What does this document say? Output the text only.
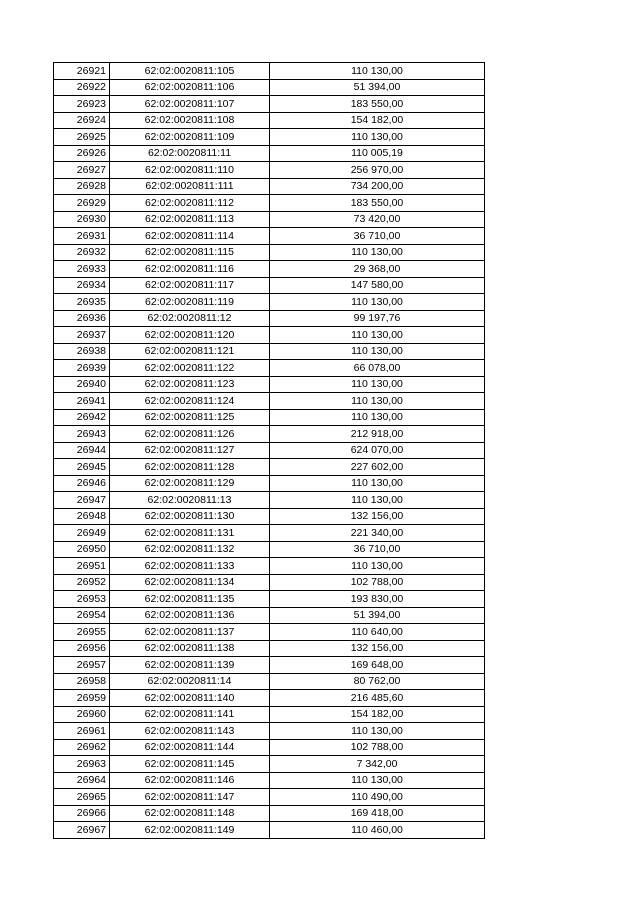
26921	62:02:0020811:105	110 130,00
26922	62:02:0020811:106	51 394,00
26923	62:02:0020811:107	183 550,00
26924	62:02:0020811:108	154 182,00
26925	62:02:0020811:109	110 130,00
26926	62:02:0020811:11	110 005,19
26927	62:02:0020811:110	256 970,00
26928	62:02:0020811:111	734 200,00
26929	62:02:0020811:112	183 550,00
26930	62:02:0020811:113	73 420,00
26931	62:02:0020811:114	36 710,00
26932	62:02:0020811:115	110 130,00
26933	62:02:0020811:116	29 368,00
26934	62:02:0020811:117	147 580,00
26935	62:02:0020811:119	110 130,00
26936	62:02:0020811:12	99 197,76
26937	62:02:0020811:120	110 130,00
26938	62:02:0020811:121	110 130,00
26939	62:02:0020811:122	66 078,00
26940	62:02:0020811:123	110 130,00
26941	62:02:0020811:124	110 130,00
26942	62:02:0020811:125	110 130,00
26943	62:02:0020811:126	212 918,00
26944	62:02:0020811:127	624 070,00
26945	62:02:0020811:128	227 602,00
26946	62:02:0020811:129	110 130,00
26947	62:02:0020811:13	110 130,00
26948	62:02:0020811:130	132 156,00
26949	62:02:0020811:131	221 340,00
26950	62:02:0020811:132	36 710,00
26951	62:02:0020811:133	110 130,00
26952	62:02:0020811:134	102 788,00
26953	62:02:0020811:135	193 830,00
26954	62:02:0020811:136	51 394,00
26955	62:02:0020811:137	110 640,00
26956	62:02:0020811:138	132 156,00
26957	62:02:0020811:139	169 648,00
26958	62:02:0020811:14	80 762,00
26959	62:02:0020811:140	216 485,60
26960	62:02:0020811:141	154 182,00
26961	62:02:0020811:143	110 130,00
26962	62:02:0020811:144	102 788,00
26963	62:02:0020811:145	7 342,00
26964	62:02:0020811:146	110 130,00
26965	62:02:0020811:147	110 490,00
26966	62:02:0020811:148	169 418,00
26967	62:02:0020811:149	110 460,00
